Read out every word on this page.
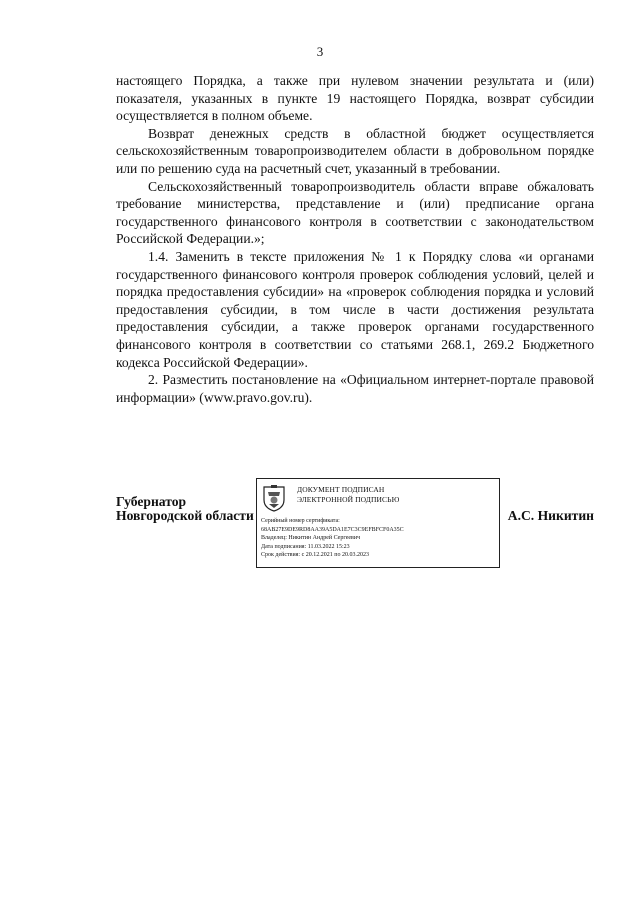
3

настоящего Порядка, а также при нулевом значении результата и (или) показателя, указанных в пункте 19 настоящего Порядка, возврат субсидии осуществляется в полном объеме.

Возврат денежных средств в областной бюджет осуществляется сельскохозяйственным товаропроизводителем области в добровольном порядке или по решению суда на расчетный счет, указанный в требовании.

Сельскохозяйственный товаропроизводитель области вправе обжаловать требование министерства, представление и (или) предписание органа государственного финансового контроля в соответствии с законодательством Российской Федерации.»;

1.4. Заменить в тексте приложения № 1 к Порядку слова «и органами государственного финансового контроля проверок соблюдения условий, целей и порядка предоставления субсидии» на «проверок соблюдения порядка и условий предоставления субсидии, в том числе в части достижения результата предоставления субсидии, а также проверок органами государственного финансового контроля в соответствии со статьями 268.1, 269.2 Бюджетного кодекса Российской Федерации».

2. Разместить постановление на «Официальном интернет-портале правовой информации» (www.pravo.gov.ru).

Губернатор
Новгородской области
ДОКУМЕНТ ПОДПИСАН
ЭЛЕКТРОННОЙ ПОДПИСЬЮ
Серийный номер сертификата:
68AB27E9DE9RD8AA39A5DA1E7C3C9EFBFCF0A35C
Владелец: Никитин Андрей Сергеевич
Дата подписания: 11.03.2022 15:23
Срок действия: с 20.12.2021 по 20.03.2023
А.С. Никитин
